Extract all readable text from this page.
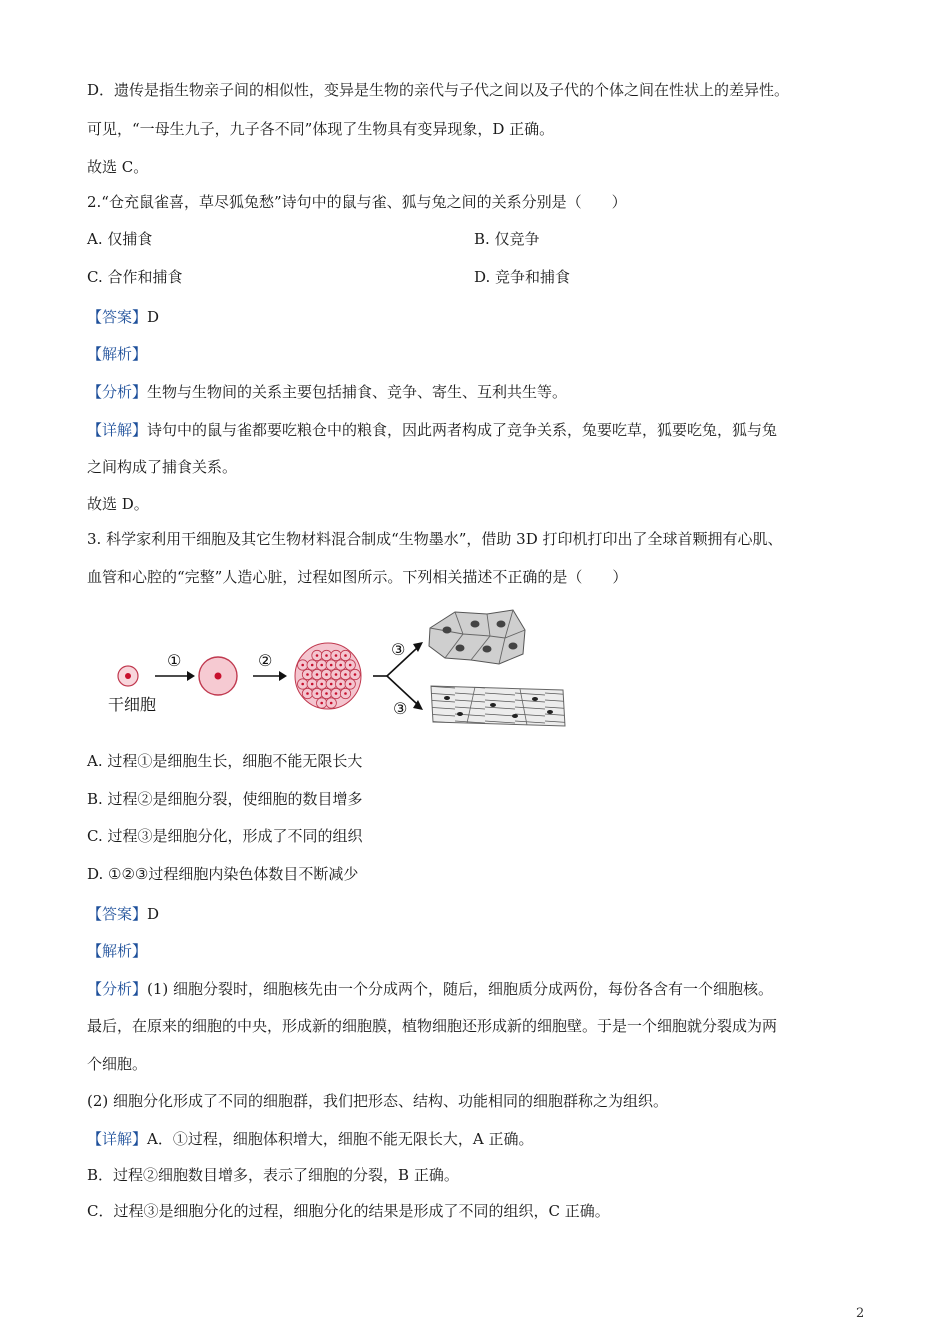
D．遗传是指生物亲子间的相似性，变异是生物的亲代与子代之间以及子代的个体之间在性状上的差异性。
可见，“一母生九子，九子各不同”体现了生物具有变异现象，D 正确。
故选 C。
2.“仓充鼠雀喜，草尽狐兔愁”诗句中的鼠与雀、狐与兔之间的关系分别是（　　）
A. 仅捕食	B. 仅竞争
C. 合作和捕食	D. 竞争和捕食
【答案】D
【解析】
【分析】生物与生物间的关系主要包括捕食、竞争、寄生、互利共生等。
【详解】诗句中的鼠与雀都要吃粮仓中的粮食，因此两者构成了竞争关系，兔要吃草，狐要吃兔，狐与兔
之间构成了捕食关系。
故选 D。
3. 科学家利用干细胞及其它生物材料混合制成“生物墨水”，借助 3D 打印机打印出了全球首颗拥有心肌、
血管和心腔的“完整”人造心脏，过程如图所示。下列相关描述不正确的是（　　）
干细胞
①	②
③
③
A. 过程①是细胞生长，细胞不能无限长大
B. 过程②是细胞分裂，使细胞的数目增多
C. 过程③是细胞分化，形成了不同的组织
D. ①②③过程细胞内染色体数目不断减少
【答案】D
【解析】
【分析】(1) 细胞分裂时，细胞核先由一个分成两个，随后，细胞质分成两份，每份各含有一个细胞核。
最后，在原来的细胞的中央，形成新的细胞膜，植物细胞还形成新的细胞壁。于是一个细胞就分裂成为两
个细胞。
(2) 细胞分化形成了不同的细胞群，我们把形态、结构、功能相同的细胞群称之为组织。
【详解】A．①过程，细胞体积增大，细胞不能无限长大，A 正确。
B．过程②细胞数目增多，表示了细胞的分裂，B 正确。
C．过程③是细胞分化的过程，细胞分化的结果是形成了不同的组织，C 正确。
2
